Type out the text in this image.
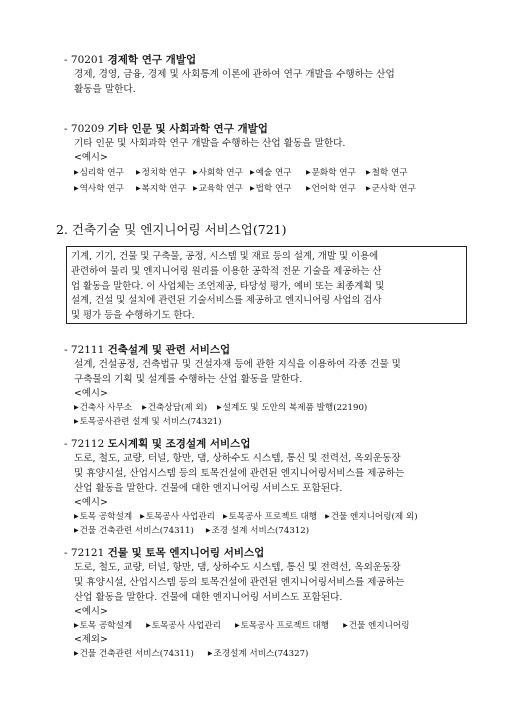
- 70201 경제학 연구 개발업
경제, 경영, 금융, 경제 및 사회통계 이론에 관하여 연구 개발을 수행하는 산업
활동을 말한다.
- 70209 기타 인문 및 사회과학 연구 개발업
기타 인문 및 사회과학 연구 개발을 수행하는 산업 활동을 말한다.
<예시>
▶심리학 연구	▶정치학 연구	▶사회학 연구	▶예술 연구	▶문화학 연구	▶철학 연구
▶역사학 연구	▶복지학 연구	▶교육학 연구	▶법학 연구	▶언어학 연구	▶군사학 연구
2. 건축기술 및 엔지니어링 서비스업(721)
기계, 기기, 건물 및 구축물, 공정, 시스템 및 재료 등의 설계, 개발 및 이용에
관련하여 물리 및 엔지니어링 원리를 이용한 공학적 전문 기술을 제공하는 산
업 활동을 말한다. 이 사업체는 조언제공, 타당성 평가, 예비 또는 최종계획 및
설계, 건설 및 설치에 관련된 기술서비스를 제공하고 엔지니어링 사업의 검사
및 평가 등을 수행하기도 한다.
- 72111 건축설계 및 관련 서비스업
설계, 건설공정, 건축법규 및 건설자재 등에 관한 지식을 이용하여 각종 건물 및
구축물의 기획 및 설계를 수행하는 산업 활동을 말한다.
<예시>
▶건축사 사무소 ▶건축상담(제 외) ▶설계도 및 도안의 복제품 발행(22190)
▶토목공사관련 설계 및 서비스(74321)
- 72112 도시계획 및 조경설계 서비스업
도로, 철도, 교량, 터널, 항만, 댐, 상하수도 시스템, 통신 및 전력선, 옥외운동장
및 휴양시설, 산업시스템 등의 토목건설에 관련된 엔지니어링서비스를 제공하는
산업 활동을 말한다. 건물에 대한 엔지니어링 서비스도 포함된다.
<예시>
▶토목 공학설계 ▶토목공사 사업관리 ▶토목공사 프로젝트 대행 ▶건물 엔지니어링(제 외)
▶건물 건축관련 서비스(74311) ▶조경 설계 서비스(74312)
- 72121 건물 및 토목 엔지니어링 서비스업
도로, 철도, 교량, 터널, 항만, 댐, 상하수도 시스템, 통신 및 전력선, 옥외운동장
및 휴양시설, 산업시스템 등의 토목건설에 관련된 엔지니어링서비스를 제공하는
산업 활동을 말한다. 건물에 대한 엔지니어링 서비스도 포함된다.
<예시>
▶토목 공학설계 ▶토목공사 사업관리 ▶토목공사 프로젝트 대행 ▶건물 엔지니어링
<제외>
▶건물 건축관련 서비스(74311) ▶조경설계 서비스(74327)
